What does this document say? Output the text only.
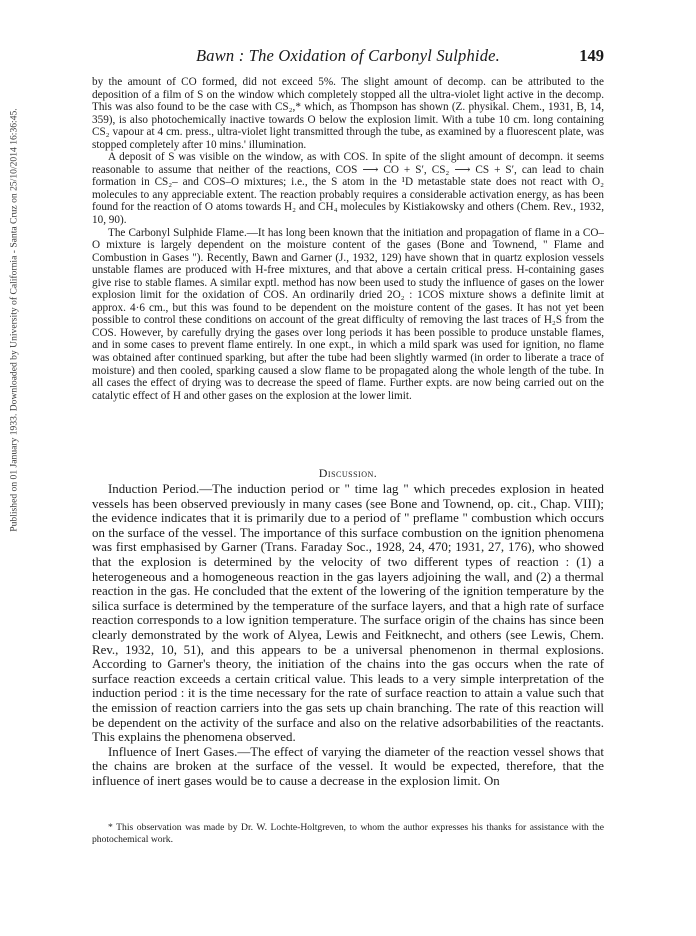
Bawn : The Oxidation of Carbonyl Sulphide.	149
Published on 01 January 1933. Downloaded by University of California - Santa Cruz on 25/10/2014 16:36:45.

by the amount of CO formed, did not exceed 5%. The slight amount of decomp. can be attributed to the deposition of a film of S on the window which completely stopped all the ultra-violet light active in the decomp. This was also found to be the case with CS₂,* which, as Thompson has shown (Z. physikal. Chem., 1931, B, 14, 359), is also photochemically inactive towards O below the explosion limit. With a tube 10 cm. long containing CS₂ vapour at 4 cm. press., ultra-violet light transmitted through the tube, as examined by a fluorescent plate, was stopped completely after 10 mins.' illumination.

A deposit of S was visible on the window, as with COS. In spite of the slight amount of decompn. it seems reasonable to assume that neither of the reactions, COS ⟶ CO + S′, CS₂ ⟶ CS + S′, can lead to chain formation in CS₂– and COS–O mixtures; i.e., the S atom in the ¹D metastable state does not react with O₂ molecules to any appreciable extent. The reaction probably requires a considerable activation energy, as has been found for the reaction of O atoms towards H₂ and CH₄ molecules by Kistiakowsky and others (Chem. Rev., 1932, 10, 90).

The Carbonyl Sulphide Flame.—It has long been known that the initiation and propagation of flame in a CO–O mixture is largely dependent on the moisture content of the gases (Bone and Townend, " Flame and Combustion in Gases "). Recently, Bawn and Garner (J., 1932, 129) have shown that in quartz explosion vessels unstable flames are produced with H-free mixtures, and that above a certain critical press. H-containing gases give rise to stable flames. A similar exptl. method has now been used to study the influence of gases on the lower explosion limit for the oxidation of COS. An ordinarily dried 2O₂ : 1COS mixture shows a definite limit at approx. 4·6 cm., but this was found to be dependent on the moisture content of the gases. It has not yet been possible to control these conditions on account of the great difficulty of removing the last traces of H₂S from the COS. However, by carefully drying the gases over long periods it has been possible to produce unstable flames, and in some cases to prevent flame entirely. In one expt., in which a mild spark was used for ignition, no flame was obtained after continued sparking, but after the tube had been slightly warmed (in order to liberate a trace of moisture) and then cooled, sparking caused a slow flame to be propagated along the whole length of the tube. In all cases the effect of drying was to decrease the speed of flame. Further expts. are now being carried out on the catalytic effect of H and other gases on the explosion at the lower limit.

Discussion.

Induction Period.—The induction period or " time lag " which precedes explosion in heated vessels has been observed previously in many cases (see Bone and Townend, op. cit., Chap. VIII); the evidence indicates that it is primarily due to a period of " preflame " combustion which occurs on the surface of the vessel. The importance of this surface combustion on the ignition phenomena was first emphasised by Garner (Trans. Faraday Soc., 1928, 24, 470; 1931, 27, 176), who showed that the explosion is determined by the velocity of two different types of reaction : (1) a heterogeneous and a homogeneous reaction in the gas layers adjoining the wall, and (2) a thermal reaction in the gas. He concluded that the extent of the lowering of the ignition temperature by the silica surface is determined by the temperature of the surface layers, and that a high rate of surface reaction corresponds to a low ignition temperature. The surface origin of the chains has since been clearly demonstrated by the work of Alyea, Lewis and Feitknecht, and others (see Lewis, Chem. Rev., 1932, 10, 51), and this appears to be a universal phenomenon in thermal explosions. According to Garner's theory, the initiation of the chains into the gas occurs when the rate of surface reaction exceeds a certain critical value. This leads to a very simple interpretation of the induction period : it is the time necessary for the rate of surface reaction to attain a value such that the emission of reaction carriers into the gas sets up chain branching. The rate of this reaction will be dependent on the activity of the surface and also on the relative adsorbabilities of the reactants. This explains the phenomena observed.

Influence of Inert Gases.—The effect of varying the diameter of the reaction vessel shows that the chains are broken at the surface of the vessel. It would be expected, therefore, that the influence of inert gases would be to cause a decrease in the explosion limit. On

* This observation was made by Dr. W. Lochte-Holtgreven, to whom the author expresses his thanks for assistance with the photochemical work.
